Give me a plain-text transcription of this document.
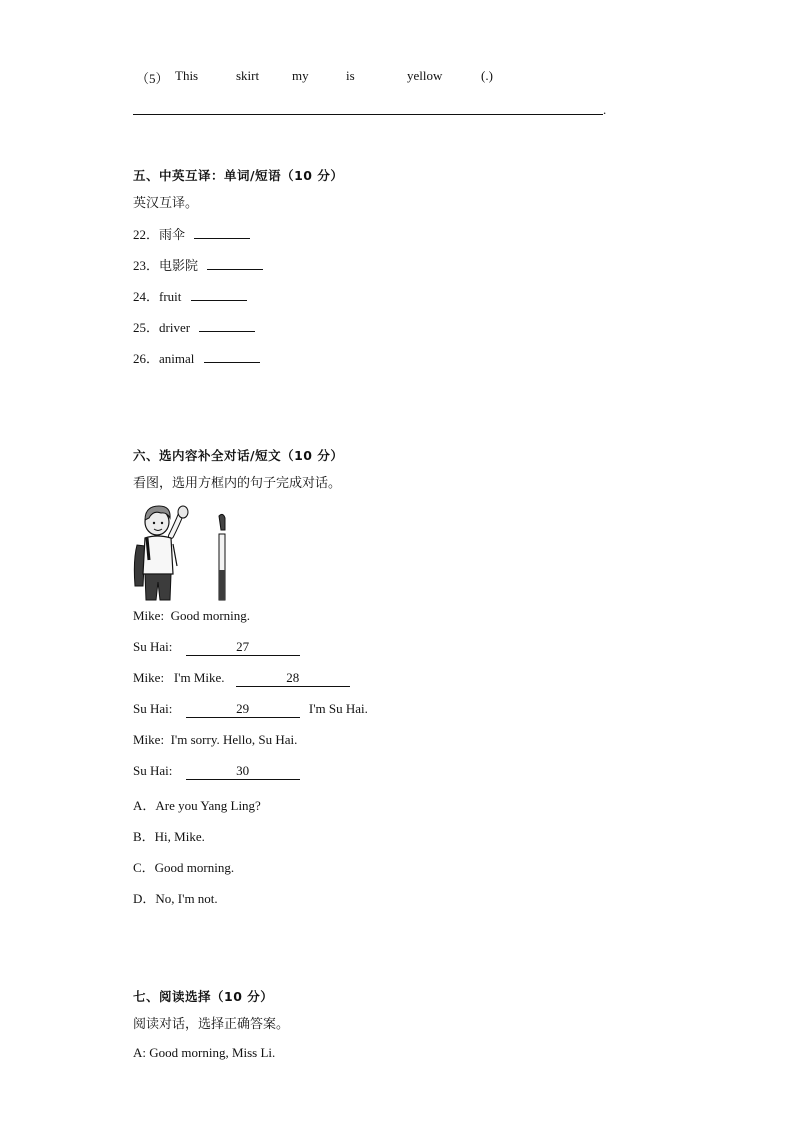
（5） This	skirt	my	is	yellow	(.)
.
五、中英互译：单词/短语（10 分）
英汉互译。
22．雨伞
23．电影院
24．fruit
25．driver
26．animal
六、选内容补全对话/短文（10 分）
看图，选用方框内的句子完成对话。
Mike: Good morning.
Su Hai:	27
Mike: I'm Mike.	28
Su Hai:	29	I'm Su Hai.
Mike: I'm sorry. Hello, Su Hai.
Su Hai:	30
A．Are you Yang Ling?
B．Hi, Mike.
C．Good morning.
D．No, I'm not.
七、阅读选择（10 分）
阅读对话，选择正确答案。
A: Good morning, Miss Li.
